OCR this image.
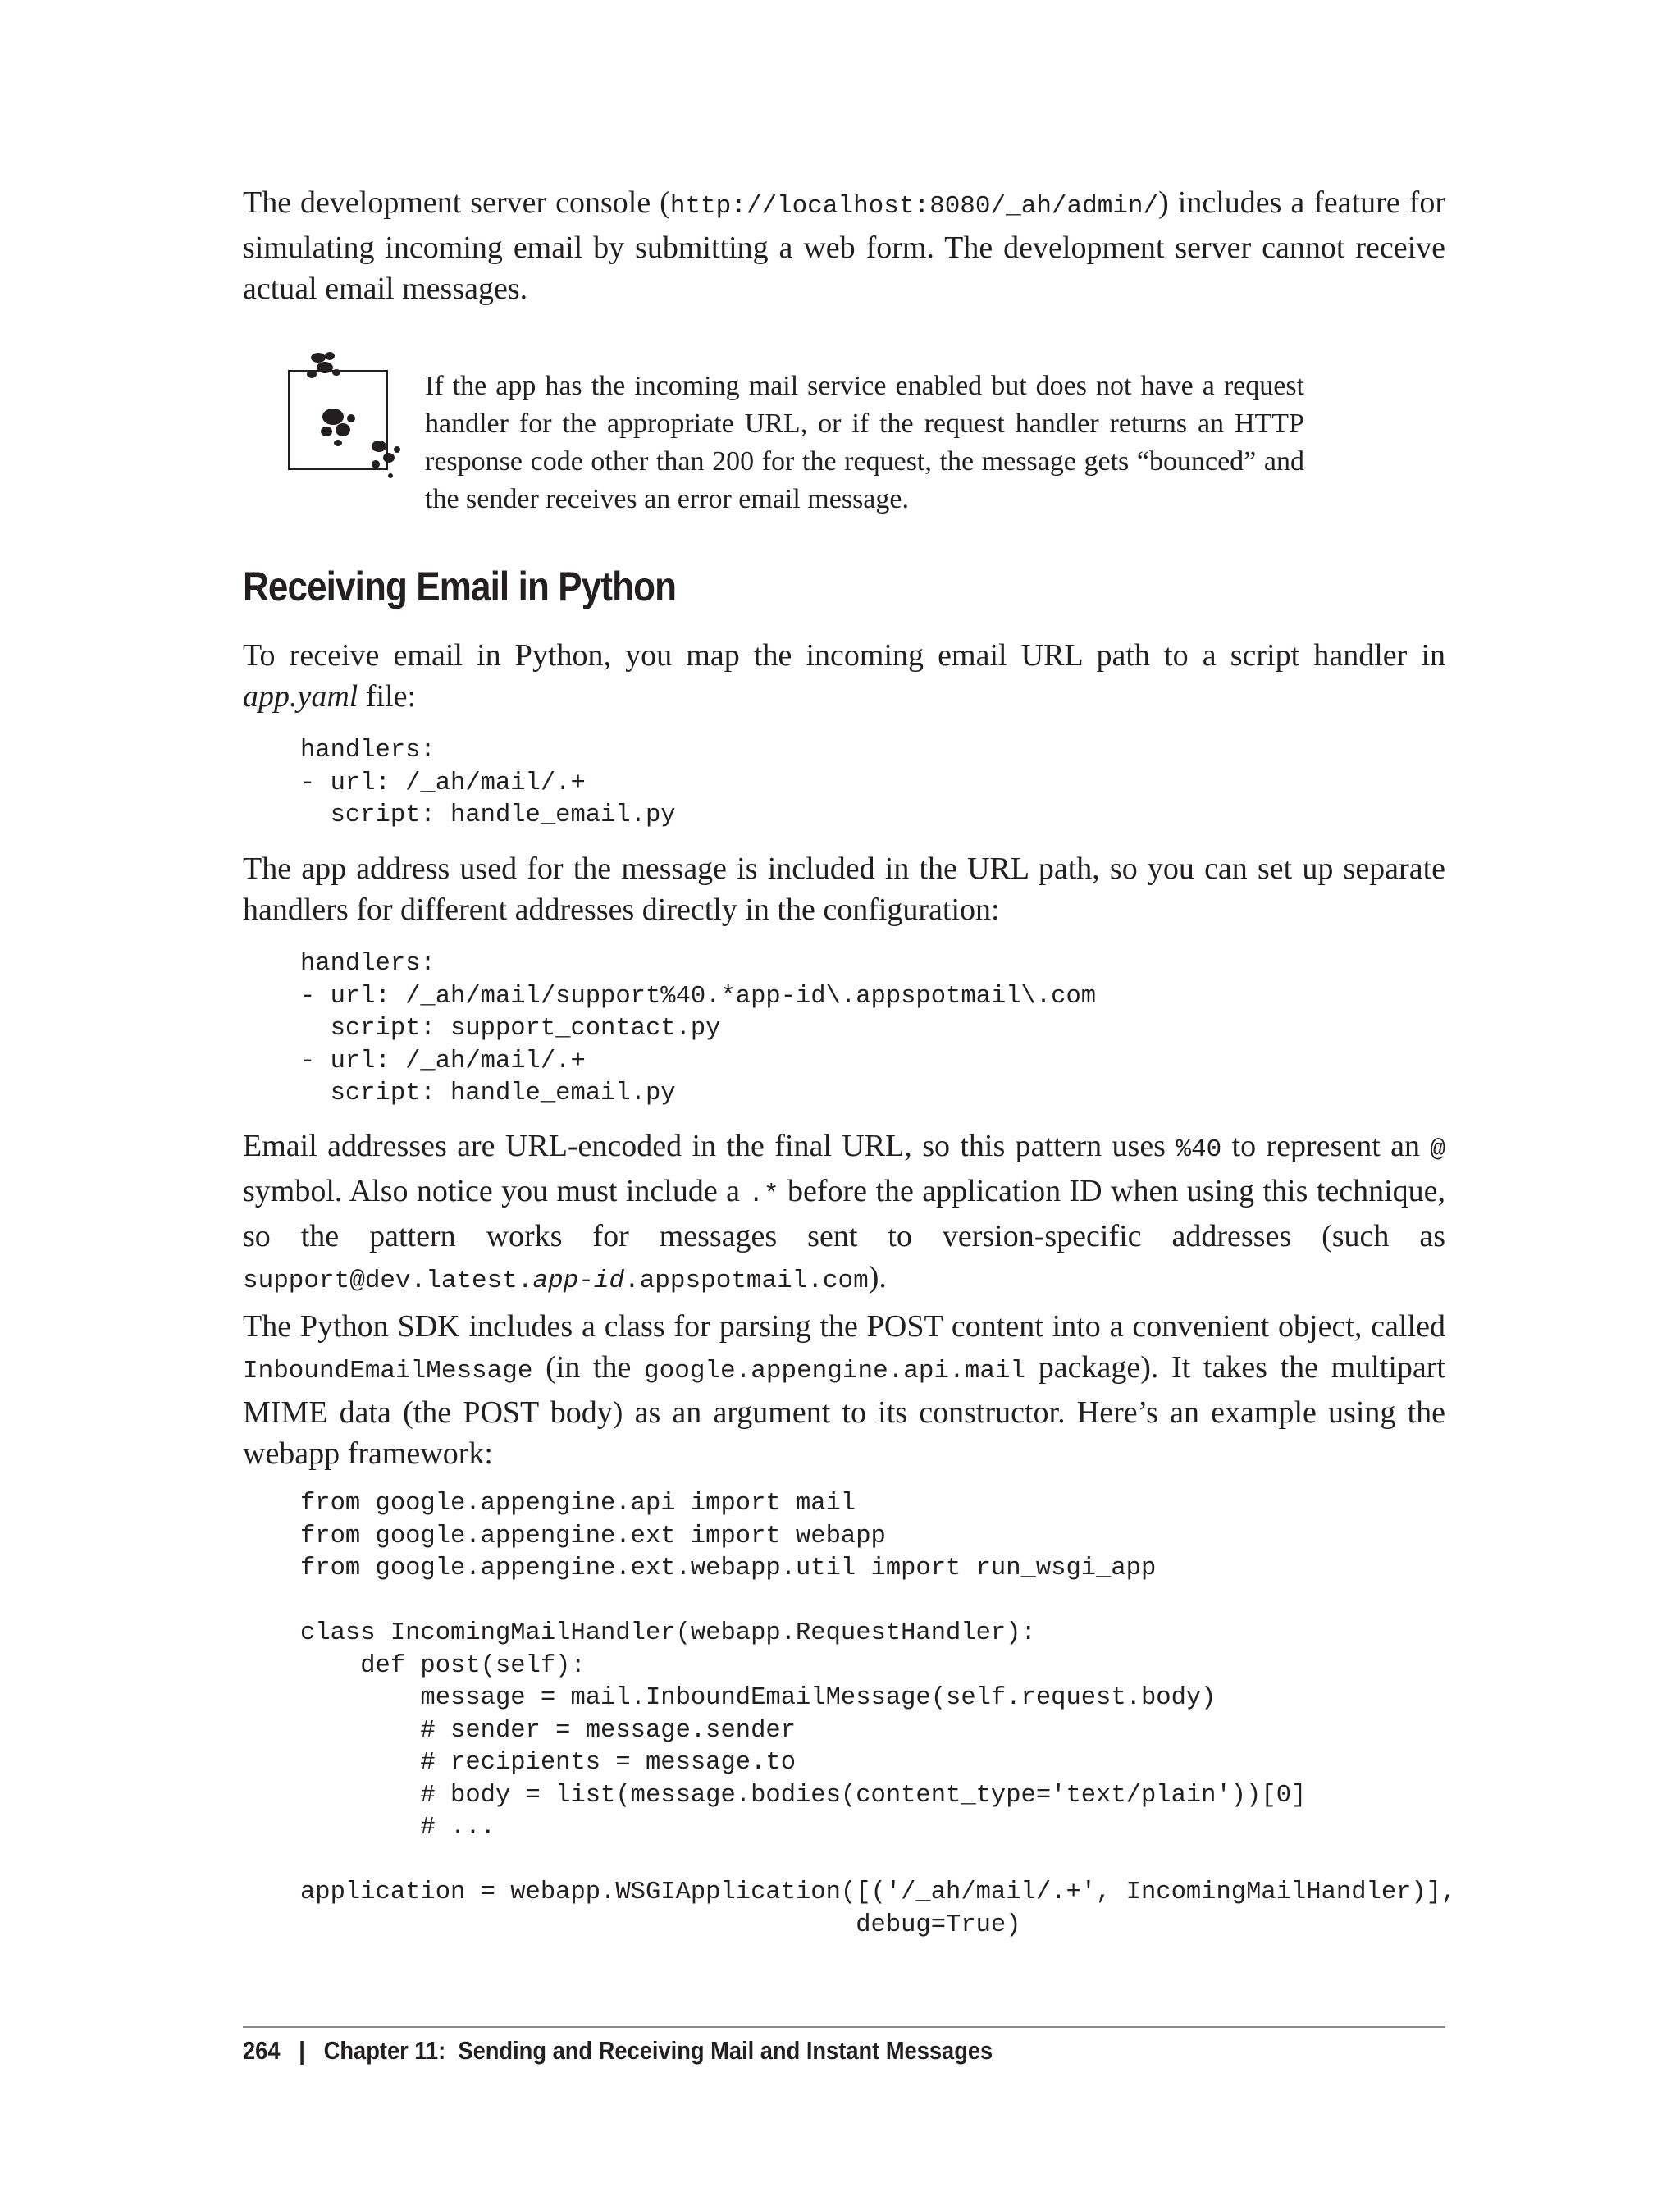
The development server console (http://localhost:8080/_ah/admin/) includes a feature for simulating incoming email by submitting a web form. The development server cannot receive actual email messages.

If the app has the incoming mail service enabled but does not have a request handler for the appropriate URL, or if the request handler returns an HTTP response code other than 200 for the request, the message gets “bounced” and the sender receives an error email message.

Receiving Email in Python

To receive email in Python, you map the incoming email URL path to a script handler in app.yaml file:

handlers:
- url: /_ah/mail/.+
script: handle_email.py

The app address used for the message is included in the URL path, so you can set up separate handlers for different addresses directly in the configuration:

handlers:
- url: /_ah/mail/support%40.*app-id\.appspotmail\.com
script: support_contact.py
- url: /_ah/mail/.+
script: handle_email.py

Email addresses are URL-encoded in the final URL, so this pattern uses %40 to represent an @ symbol. Also notice you must include a .* before the application ID when using this technique, so the pattern works for messages sent to version-specific addresses (such as support@dev.latest.app-id.appspotmail.com).

The Python SDK includes a class for parsing the POST content into a convenient object, called InboundEmailMessage (in the google.appengine.api.mail package). It takes the multipart MIME data (the POST body) as an argument to its constructor. Here’s an example using the webapp framework:

from google.appengine.api import mail
from google.appengine.ext import webapp
from google.appengine.ext.webapp.util import run_wsgi_app

class IncomingMailHandler(webapp.RequestHandler):
def post(self):
message = mail.InboundEmailMessage(self.request.body)
# sender = message.sender
# recipients = message.to
# body = list(message.bodies(content_type='text/plain'))[0]
# ...

application = webapp.WSGIApplication([('/_ah/mail/.+', IncomingMailHandler)],
debug=True)
264 | Chapter 11:  Sending and Receiving Mail and Instant Messages
